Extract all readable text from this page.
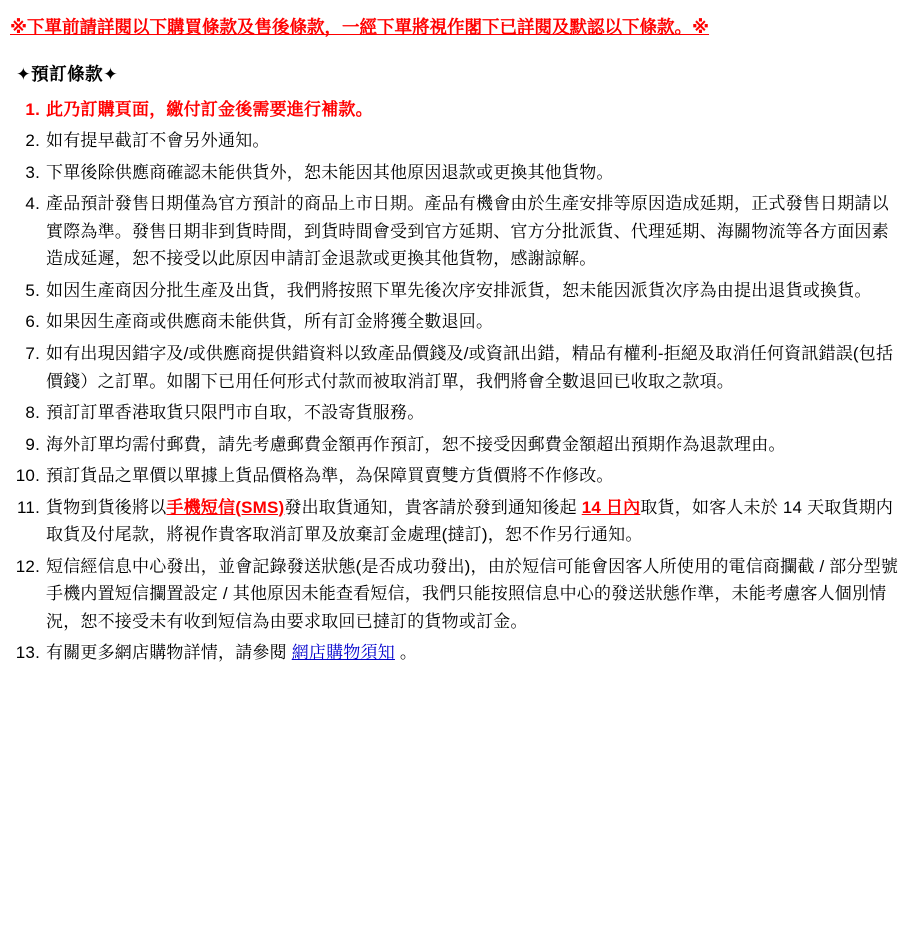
※下單前請詳閱以下購買條款及售後條款，一經下單將視作閣下已詳閱及默認以下條款。※
✦預訂條款✦
此乃訂購頁面，繳付訂金後需要進行補款。
如有提早截訂不會另外通知。
下單後除供應商確認未能供貨外，恕未能因其他原因退款或更換其他貨物。
產品預計發售日期僅為官方預計的商品上市日期。產品有機會由於生產安排等原因造成延期，正式發售日期請以實際為準。發售日期非到貨時間，到貨時間會受到官方延期、官方分批派貨、代理延期、海關物流等各方面因素造成延遲，恕不接受以此原因申請訂金退款或更換其他貨物，感謝諒解。
如因生產商因分批生產及出貨，我們將按照下單先後次序安排派貨，恕未能因派貨次序為由提出退貨或換貨。
如果因生產商或供應商未能供貨，所有訂金將獲全數退回。
如有出現因錯字及/或供應商提供錯資料以致產品價錢及/或資訊出錯，精品有權利-拒絕及取消任何資訊錯誤(包括價錢）之訂單。如閣下已用任何形式付款而被取消訂單，我們將會全數退回已收取之款項。
預訂訂單香港取貨只限門市自取，不設寄貨服務。
海外訂單均需付郵費，請先考慮郵費金額再作預訂，恕不接受因郵費金額超出預期作為退款理由。
預訂貨品之單價以單據上貨品價格為準，為保障買賣雙方貨價將不作修改。
貨物到貨後將以手機短信(SMS)發出取貨通知，貴客請於發到通知後起 14 日內取貨，如客人未於 14 天取貨期内取貨及付尾款，將視作貴客取消訂單及放棄訂金處理(撻訂)，恕不作另行通知。
短信經信息中心發出，並會記錄發送狀態(是否成功發出)，由於短信可能會因客人所使用的電信商攔截 / 部分型號手機内置短信攔置設定 / 其他原因未能查看短信，我們只能按照信息中心的發送狀態作準，未能考慮客人個別情況，恕不接受未有收到短信為由要求取回已撻訂的貨物或訂金。
有關更多網店購物詳情，請參閱 網店購物須知 。
